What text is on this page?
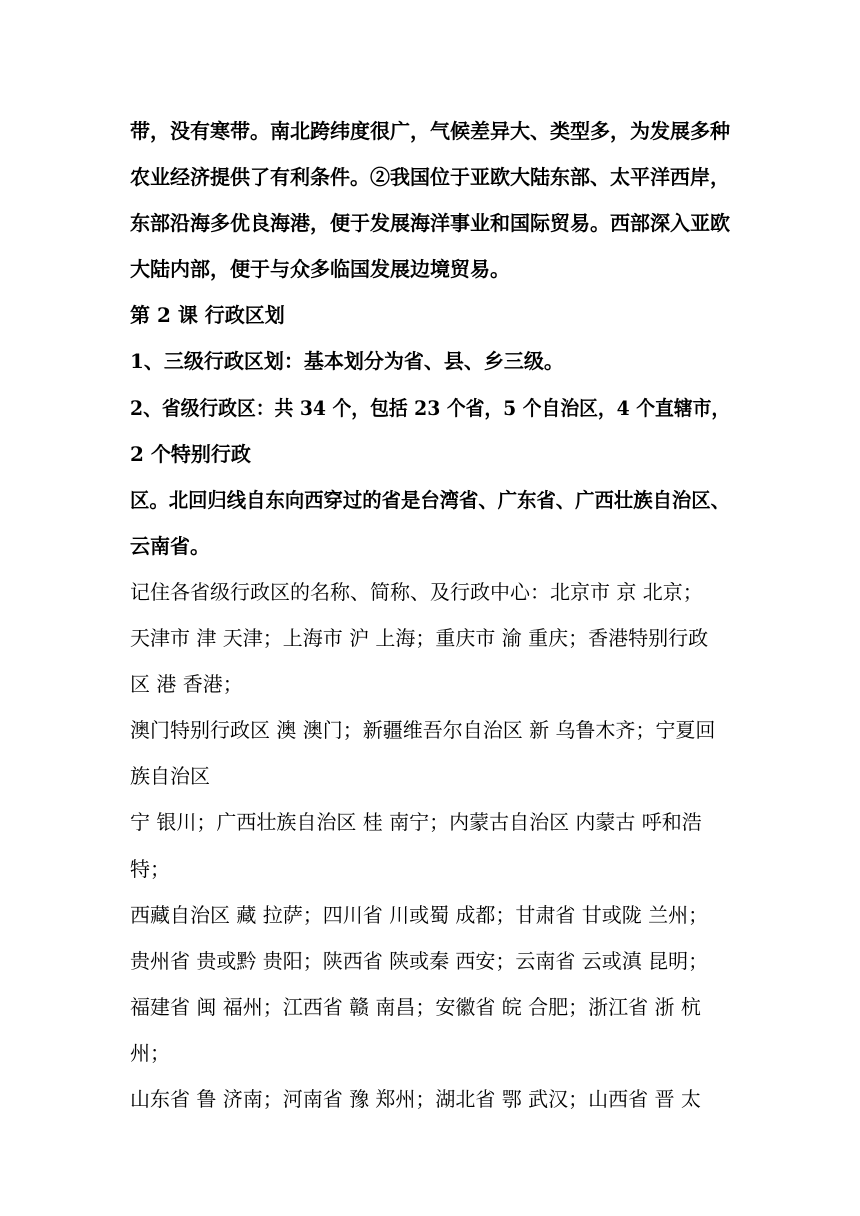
带，没有寒带。南北跨纬度很广，气候差异大、类型多，为发展多种
农业经济提供了有利条件。②我国位于亚欧大陆东部、太平洋西岸，
东部沿海多优良海港，便于发展海洋事业和国际贸易。西部深入亚欧
大陆内部，便于与众多临国发展边境贸易。
第 2 课 行政区划
1、三级行政区划：基本划分为省、县、乡三级。
2、省级行政区：共 34 个，包括 23 个省，5 个自治区，4 个直辖市，
2 个特别行政
区。北回归线自东向西穿过的省是台湾省、广东省、广西壮族自治区、
云南省。
记住各省级行政区的名称、简称、及行政中心：北京市 京 北京；
天津市 津 天津；上海市 沪 上海；重庆市 渝 重庆；香港特别行政
区 港 香港；
澳门特别行政区 澳 澳门；新疆维吾尔自治区 新 乌鲁木齐；宁夏回
族自治区
宁 银川；广西壮族自治区 桂 南宁；内蒙古自治区 内蒙古 呼和浩
特；
西藏自治区 藏 拉萨；四川省 川或蜀 成都；甘肃省 甘或陇 兰州；
贵州省 贵或黔 贵阳；陕西省 陕或秦 西安；云南省 云或滇 昆明；
福建省 闽 福州；江西省 赣 南昌；安徽省 皖 合肥；浙江省 浙 杭
州；
山东省 鲁 济南；河南省 豫 郑州；湖北省 鄂 武汉；山西省 晋 太
